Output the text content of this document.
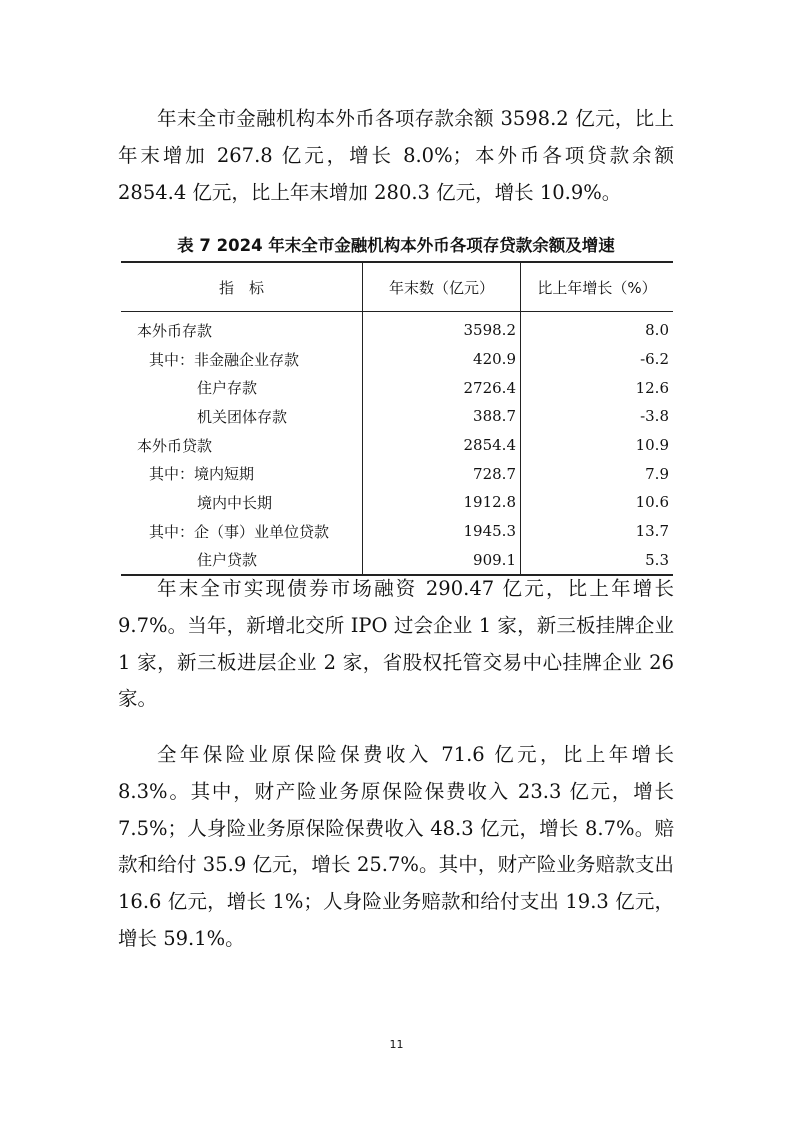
年末全市金融机构本外币各项存款余额 3598.2 亿元，比上年末增加 267.8 亿元，增长 8.0%；本外币各项贷款余额 2854.4 亿元，比上年末增加 280.3 亿元，增长 10.9%。

表 7 2024 年末全市金融机构本外币各项存贷款余额及增速
指　标	年末数（亿元）	比上年增长（%）
本外币存款	3598.2	8.0
其中：非金融企业存款	420.9	-6.2
住户存款	2726.4	12.6
机关团体存款	388.7	-3.8
本外币贷款	2854.4	10.9
其中：境内短期	728.7	7.9
境内中长期	1912.8	10.6
其中：企（事）业单位贷款	1945.3	13.7
住户贷款	909.1	5.3

年末全市实现债券市场融资 290.47 亿元，比上年增长 9.7%。当年，新增北交所 IPO 过会企业 1 家，新三板挂牌企业 1 家，新三板进层企业 2 家，省股权托管交易中心挂牌企业 26 家。

全年保险业原保险保费收入 71.6 亿元，比上年增长 8.3%。其中，财产险业务原保险保费收入 23.3 亿元，增长 7.5%；人身险业务原保险保费收入 48.3 亿元，增长 8.7%。赔款和给付 35.9 亿元，增长 25.7%。其中，财产险业务赔款支出 16.6 亿元，增长 1%；人身险业务赔款和给付支出 19.3 亿元，增长 59.1%。

11
